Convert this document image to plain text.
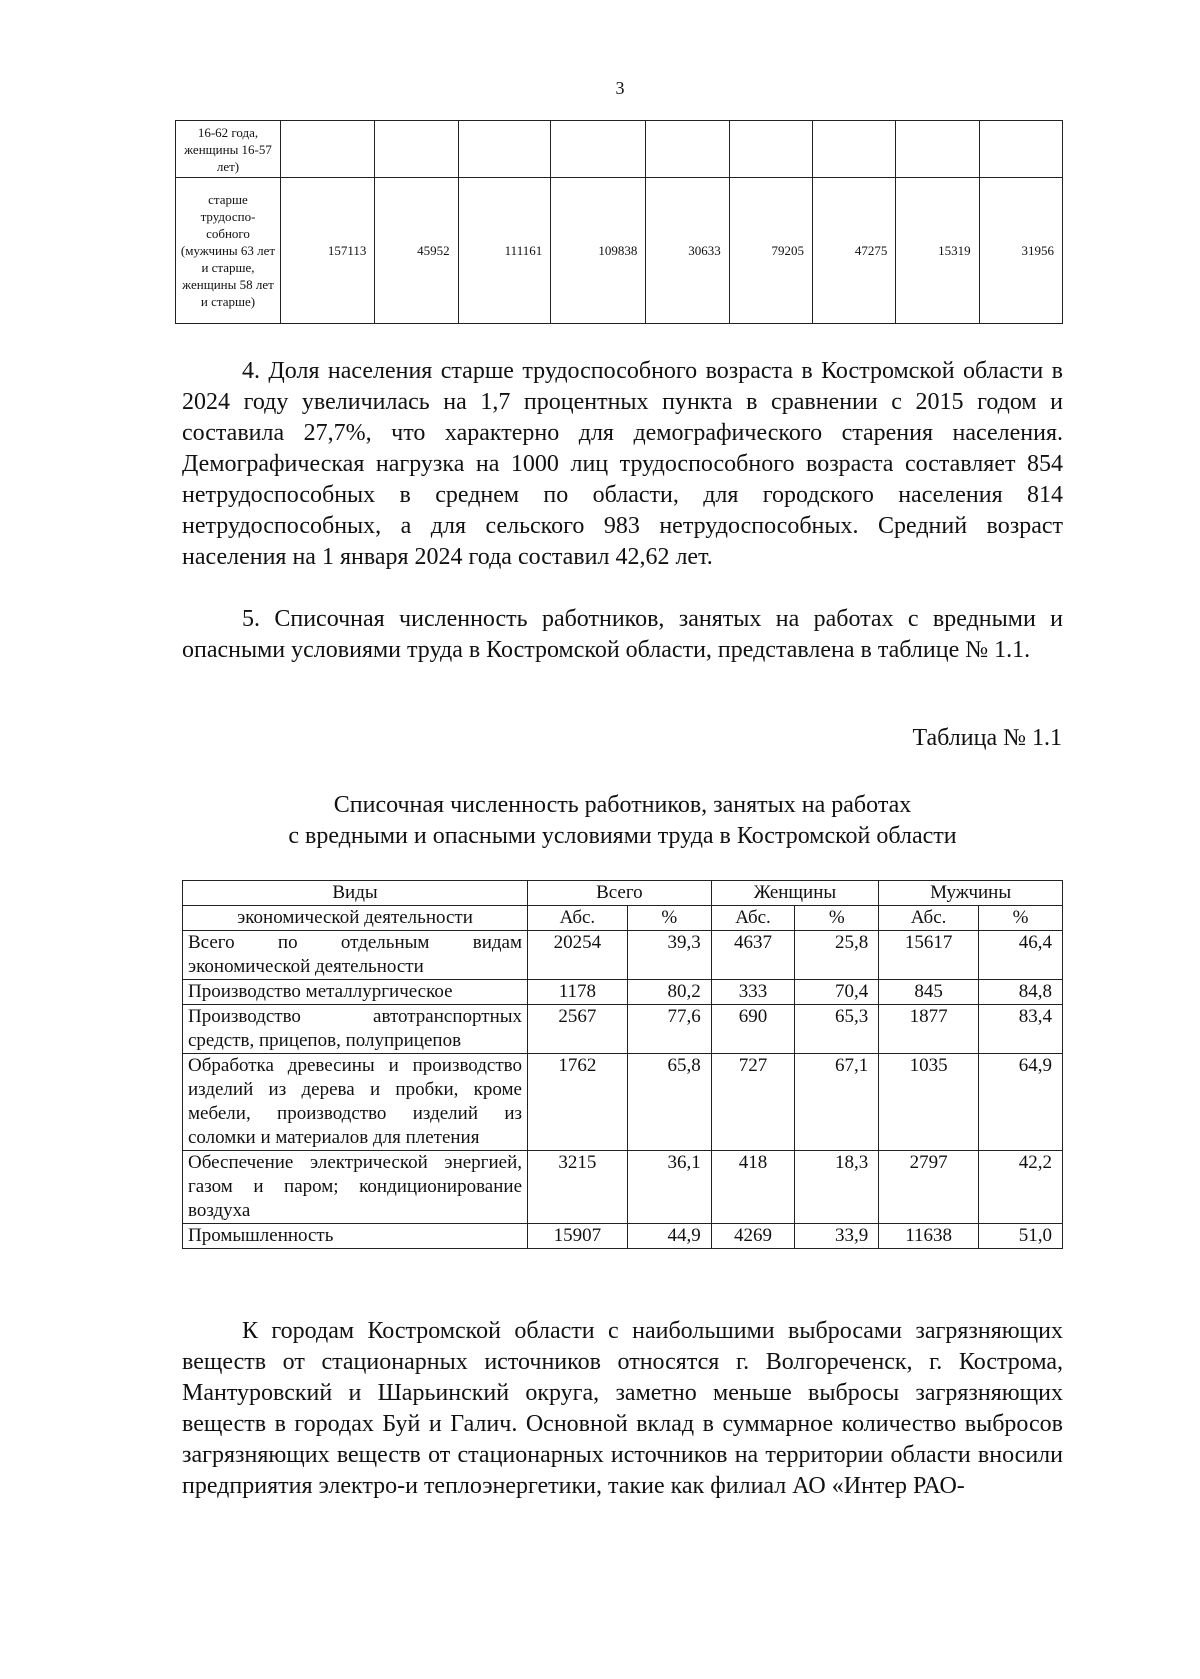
3
16-62 года, женщины 16-57 лет)									
старше трудоспо-собного (мужчины 63 лет и старше, женщины 58 лет и старше)	157113	45952	111161	109838	30633	79205	47275	15319	31956

4. Доля населения старше трудоспособного возраста в Костромской области в 2024 году увеличилась на 1,7 процентных пункта в сравнении с 2015 годом и составила 27,7%, что характерно для демографического старения населения. Демографическая нагрузка на 1000 лиц трудоспособного возраста составляет 854 нетрудоспособных в среднем по области, для городского населения 814 нетрудоспособных, а для сельского 983 нетрудоспособных. Средний возраст населения на 1 января 2024 года составил 42,62 лет.

5. Списочная численность работников, занятых на работах с вредными и опасными условиями труда в Костромской области, представлена в таблице № 1.1.

Таблица № 1.1
Списочная численность работников, занятых на работах
с вредными и опасными условиями труда в Костромской области
Виды	Всего		Женщины		Мужчины	
экономической деятельности	Абс.	%	Абс.	%	Абс.	%
Всего по отдельным видам экономической деятельности	20254	39,3	4637	25,8	15617	46,4
Производство металлургическое	1178	80,2	333	70,4	845	84,8
Производство автотранспортных средств, прицепов, полуприцепов	2567	77,6	690	65,3	1877	83,4
Обработка древесины и производство изделий из дерева и пробки, кроме мебели, производство изделий из соломки и материалов для плетения	1762	65,8	727	67,1	1035	64,9
Обеспечение электрической энергией, газом и паром; кондиционирование воздуха	3215	36,1	418	18,3	2797	42,2
Промышленность	15907	44,9	4269	33,9	11638	51,0

К городам Костромской области с наибольшими выбросами загрязняющих веществ от стационарных источников относятся г. Волгореченск, г. Кострома, Мантуровский и Шарьинский округа, заметно меньше выбросы загрязняющих веществ в городах Буй и Галич. Основной вклад в суммарное количество выбросов загрязняющих веществ от стационарных источников на территории области вносили предприятия электро-и теплоэнергетики, такие как филиал АО «Интер РАО-
